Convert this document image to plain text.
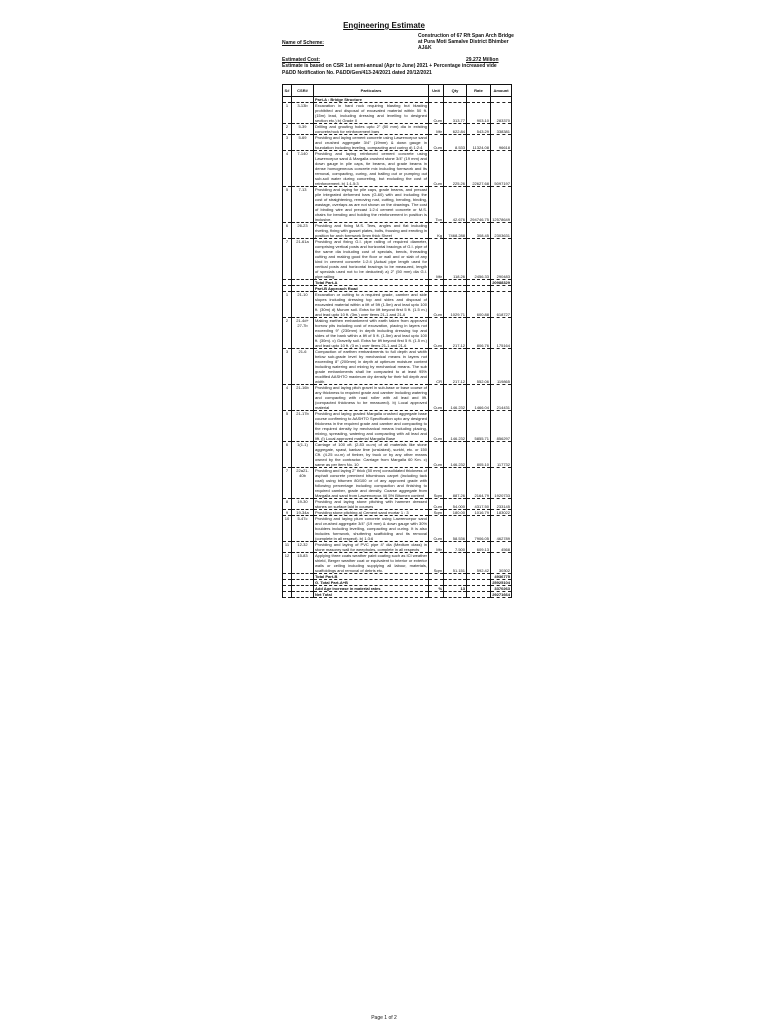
Engineering Estimate
Name of Scheme:
Construction of 67 Rft Span Arch Bridge at Pura Moti Samalve District Bhimber AJ&K
Estimated Cost:	29.272 Million
Estimate is based on CSR 1st semi-annual (Apr to June) 2021 + Percentage increased vide
P&DD Notification No. P&DD/Gen/413-24/2021 dated 20/12/2021
S#	CSR#	Particulars	Unit	Qty	Rate	Amount
		Part-A : Bridge Structure				
1	3-13b	Excavation in hard rock requiring blasting but blasting prohibited and disposal of excavated material within 50 ft. (15m) lead, including dressing and levelling to designed section etc.) b) Grade II	Cum	313.77	903.10	283370
2	5-39	Drilling and grouting holes upto 2" (50 mm) dia in existing concrete/rock for reinforcement bars	Mtr	622.84	543.29	338381
3	5-69	Providing and laying cement concrete using Lawrencepur sand and crushed aggregate 3/4" (19mm) & down gauge in foundation including leveling, compacting and curing d) 1:2:4	Cum	8.533	11324.08	96618
4	7-140	Providing and laying reinforced cement concrete using Lawrencepur sand & Margalla crushed stone 3/4" (19 mm) and down gauge in pile caps, tie beams, and grade beams in dense homogeneous concrete mix including formwork and its removal, compacting, curing, and bailing out or pumping out sub-soil water during concreting, but excluding the cost of reinforcement. b) 1:1.5:3	Cum	225.26	22627.68	5097197
5	7-13	Providing and laying for pile caps, grade beams, and precast pile integrated deformed bars (G-60) with and including the cost of straightening, removing rust, cutting, bending, binding, wastage, overlaps as are not shown on the drawings. The cost of binding wire and precast 1:2:4 cement concrete or M.S. chairs for bending and holding the reinforcement in position is inclusive.	Ton	42.676	294746.75	12578649
6	26-23	Providing and fixing M.S. Tees, angles and flat including riveting, fixing with gusset plates, bolts, frousing and erecting in position for arch formwork 5mm thick Sheet	Kg	7468.288	308.45	2303631
7	21-61a	Providing and fixing G.I. pipe railing of required diameter, comprising vertical posts and horizontal bracings of G.I. pipe of the same dia including cost of specials, bends, threading cutting and making good the floor or wall and or slab of any kind in cement concrete 1:2:4 (Actual pipe length used for vertical posts and horizontal bracings to be measured, length of specials used not to be deducted) a) 2" (50 mm) dia G.I. pipe railing	Mtr	118.26	2456.33	290483
		Total Part-A				20988329
		Part-B Approach Road				
1	21-10	Excavation or cutting to a required grade, camber and side slopes including dressing top and sides and disposal of excavated material within a lift of 5ft (1.5m) and lead upto 100 ft. (30m) d) Murum soil. Extra for lift beyond first 5 ft. (1.5 m.) and lead upto 10 ft. (3m.) over items 21-1 and 21-6	Cum	1029.71	600.88	618727
2	21-4d+ 27-7b	Making earthen embankment with earth taken from approved borrow pits including cost of excavation, placing in layers not exceeding 9" (230mm) in depth including dressing top and sides of the bank within a lift of 5 ft. (1.5m) and lead upto 100 ft. (30m). c) Gravelly soil. Extra for lift beyond first 5 ft. (1.5 m.) and lead upto 10 ft. (3 m.) over items 21-1 and 21-6	Cum	217.12	806.76	175164
3	21-6	Compaction of earthen embankments to full depth and width below sub-grade level by mechanical means in layers not exceeding 8" (200mm) in depth at optimum moisture content including watering and mixing by mechanical means. The sub grade embankments shall be compacted to at least 95% modified AASHTO maximum dry density for their full depth and width	CR	217.12	552.06	119865
4	21-16b	Providing and laying pitch gravel in sub-base or base course of any thickness to required grade and camber including watering and compacting with road roller with all lead and lift. (compacted thickness to be measured). b) Local approved material	Cum	146.232	1466.04	214431
5	21-17b	Providing and laying graded Margalla crushed aggregate base course confirming to AASHTO Specification upto any designed thickness in the required grade and camber and compacting to the required density by mechanical means including placing, mixing, spreading, watering and compacting with all lead and lift. (i) Local approved material Margalla Base	Cum	146.232	5855.71	856297
6	1(1-1)	Carriage of 100 cft. (2.83 cu.m) of all materials like stone aggregate, spawl, kankar lime (unslaked), surkhi, etc. or 150 Cft. (4.25 cu.m) of timber, by truck or by any other means owned by the contractor. Carriage from Margalla 60 Km. c) same as per item No. 10	Cum	146.232	805.10	117732
7	22a21-40b	Providing and laying 2" thick (50 mm) consolidated thickness of asphalt concrete premixed bituminous carpet (including tack coat) using bitumen 80/100 or of any approved grade with following percentage including compaction and finishing to required camber, grade and density. Coarse aggregate from Margalla and sand from Lawrencepur. iii) 5% Bitumen content	Sqm	887.26	2164.79	1920733
8	19-30	Providing and laying stone pitching with hammer dressed stones on surface laid in courses	Cum	54.000	4317.50	233145
9	19-34a	Providing stone pitching a) Cement sand mortar 1 : 3	Sqm	180.00	1016.79	183022
10	5-47c	Providing and laying plum concrete using Lawrencepur sand and crushed aggregate 3/4" (19 mm) & down gauge with 30% boulders including levelling, compacting and curing. It is also includes formwork, shuttering scaffolding and its removal (complete in all respect). b) 1:3:6	Cum	58.536	7906.05	462789
11	12-32	Providing and laying of PVC pipe 4" dia (Medium class) in stone masonry wall for weepholes, complete in all respects	Mtr	7.500	609.13	4568
12	15-83	Applying three coats weather paint coating such as ICI weather shield, Berger weather coat or equivalent to interior or exterior walls or ceiling including supplying all labour, materials, scaffoldings and removal of debris etc.	Sqm	51.151	592.42	30302
		Total Part-B				4936775
		G. Total Part-A+B				25925104
		Add Age increase in material rates	%	13		3370263
		Net Total				29271664
Page 1 of 2
